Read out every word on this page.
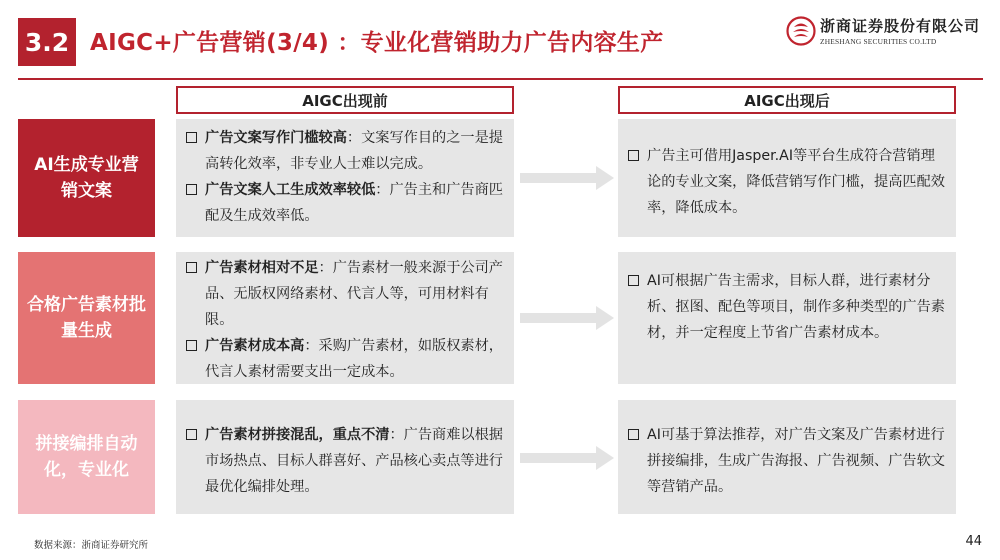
3.2 AIGC+广告营销(3/4) ：专业化营销助力广告内容生产
浙商证券股份有限公司
ZHESHANG SECURITIES CO.LTD
AIGC出现前	AIGC出现后
AI生成专业营销文案
广告文案写作门槛较高：文案写作目的之一是提高转化效率，非专业人士难以完成。
广告文案人工生成效率较低：广告主和广告商匹配及生成效率低。
广告主可借用Jasper.AI等平台生成符合营销理论的专业文案，降低营销写作门槛，提高匹配效率，降低成本。
合格广告素材批量生成
广告素材相对不足：广告素材一般来源于公司产品、无版权网络素材、代言人等，可用材料有限。
广告素材成本高：采购广告素材，如版权素材，代言人素材需要支出一定成本。
AI可根据广告主需求，目标人群，进行素材分析、抠图、配色等项目，制作多种类型的广告素材，并一定程度上节省广告素材成本。
拼接编排自动化，专业化
广告素材拼接混乱，重点不清：广告商难以根据市场热点、目标人群喜好、产品核心卖点等进行最优化编排处理。
AI可基于算法推荐，对广告文案及广告素材进行拼接编排，生成广告海报、广告视频、广告软文等营销产品。
数据来源：浙商证券研究所	44
